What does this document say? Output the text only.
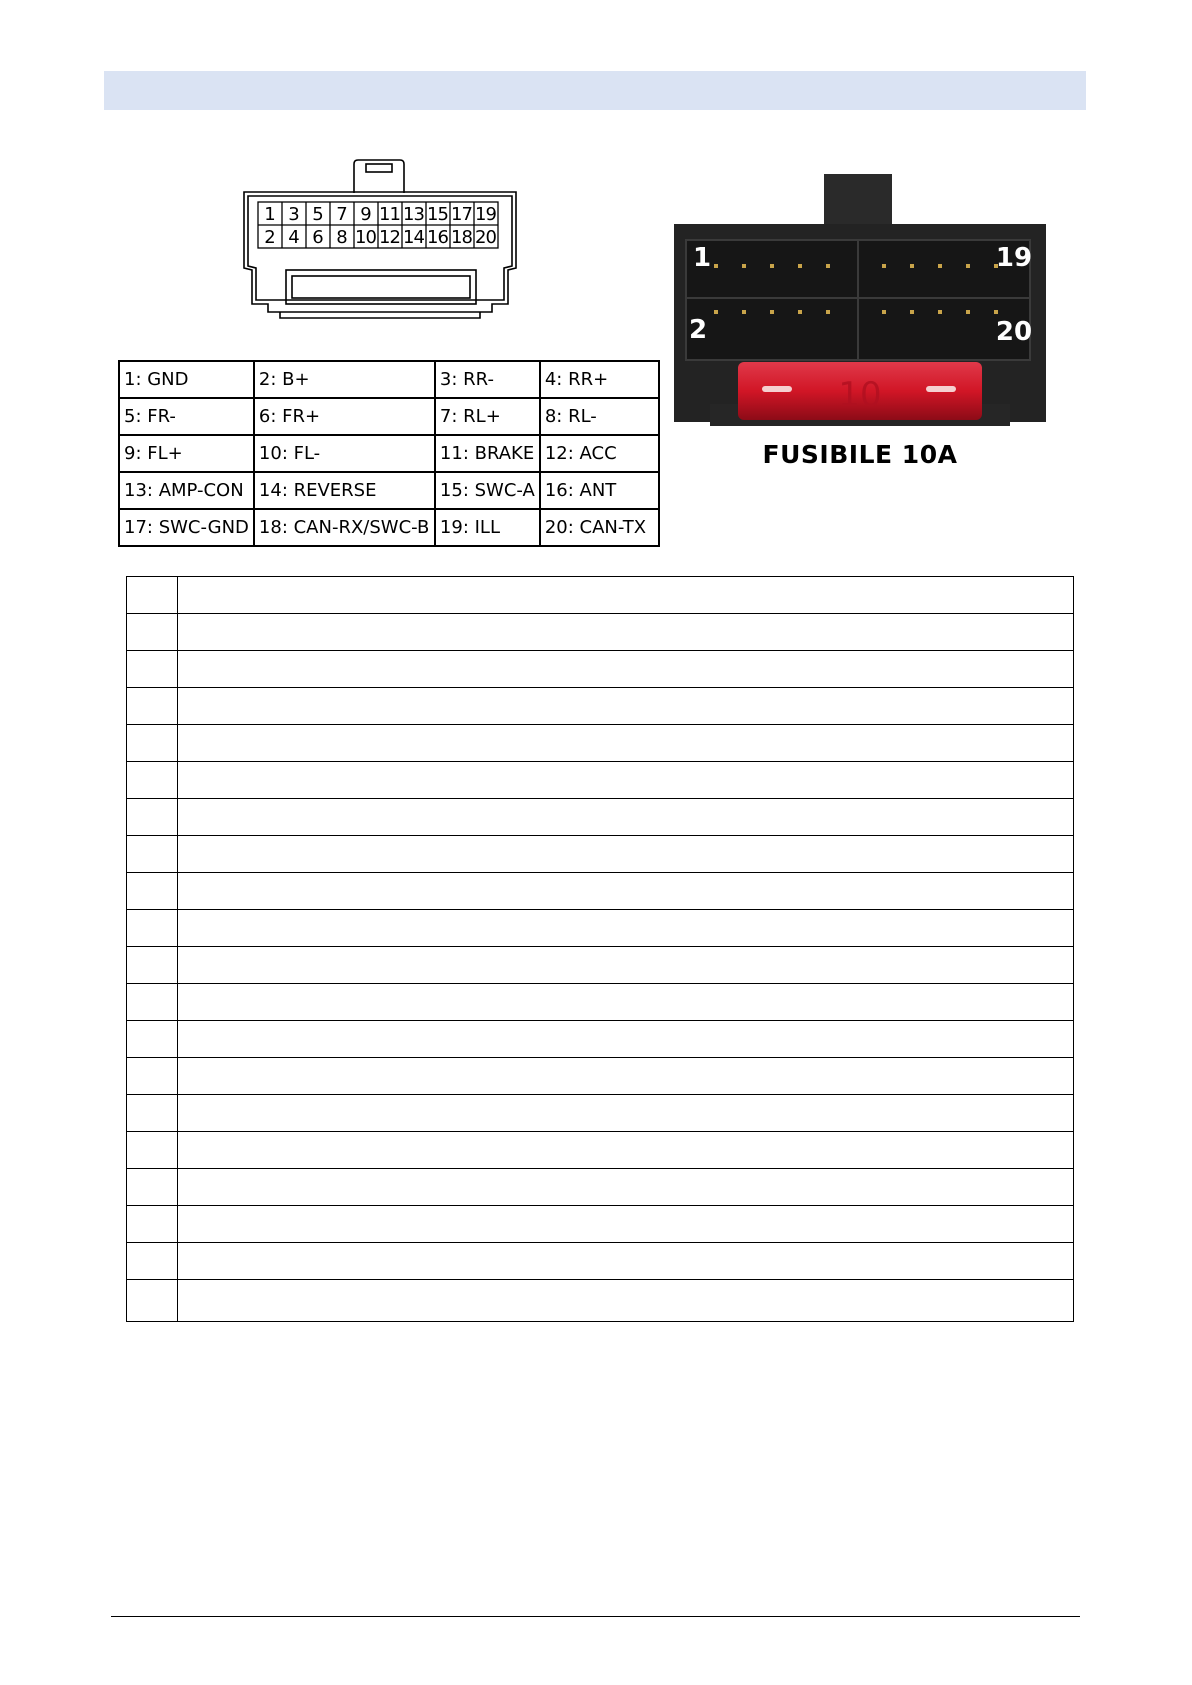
1 3 5 7 9 11 13 15 17 19
2 4 6 8 10 12 14 16 18 20
1: GND	2: B+	3: RR-	4: RR+
5: FR-	6: FR+	7: RL+	8: RL-
9: FL+	10: FL-	11: BRAKE	12: ACC
13: AMP-CON	14: REVERSE	15: SWC-A	16: ANT
17: SWC-GND	18: CAN-RX/SWC-B	19: ILL	20: CAN-TX
1	19
2	20
10
FUSIBILE 10A
